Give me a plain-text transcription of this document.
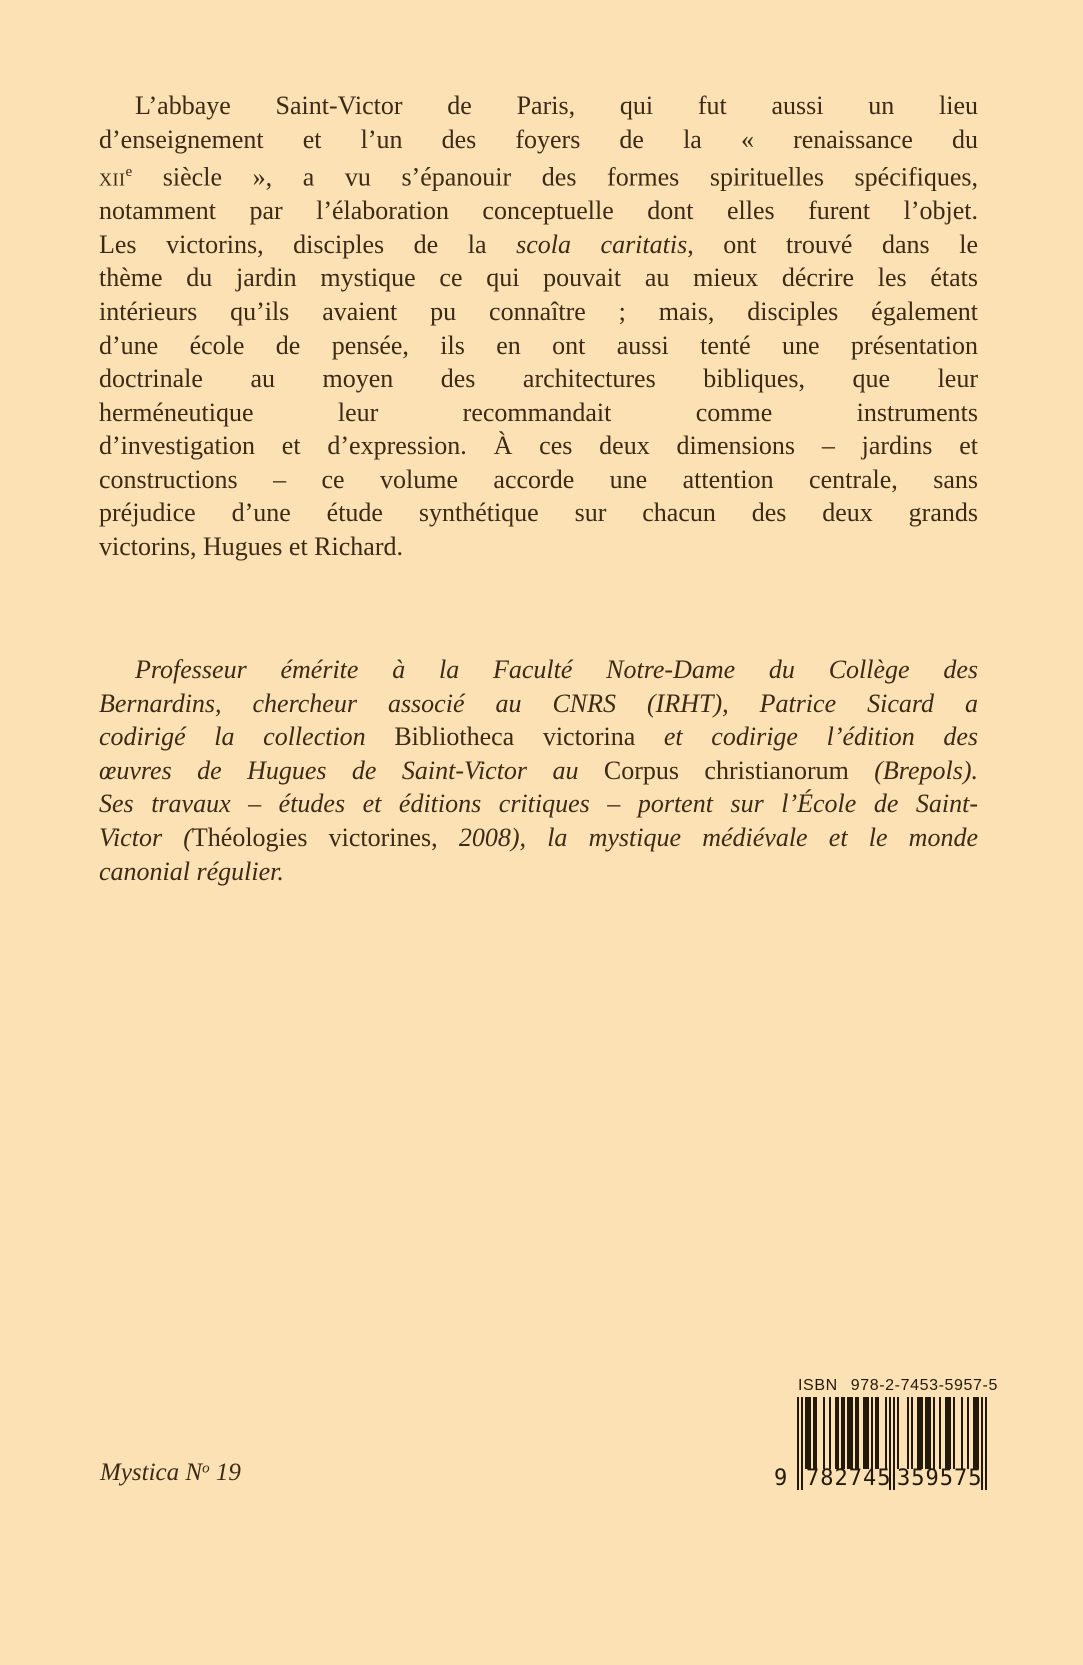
L’abbaye Saint-Victor de Paris, qui fut aussi un lieu
d’enseignement et l’un des foyers de la « renaissance du
xii$^e$ siècle », a vu s’épanouir des formes spirituelles spécifiques,
notamment par l’élaboration conceptuelle dont elles furent l’objet.
Les victorins, disciples de la scola caritatis, ont trouvé dans le
thème du jardin mystique ce qui pouvait au mieux décrire les états
intérieurs qu’ils avaient pu connaître ; mais, disciples également
d’une école de pensée, ils en ont aussi tenté une présentation
doctrinale au moyen des architectures bibliques, que leur
herméneutique leur recommandait comme instruments
d’investigation et d’expression. À ces deux dimensions – jardins et
constructions – ce volume accorde une attention centrale, sans
préjudice d’une étude synthétique sur chacun des deux grands
victorins, Hugues et Richard.
Professeur émérite à la Faculté Notre-Dame du Collège des
Bernardins, chercheur associé au CNRS (IRHT), Patrice Sicard a
codirigé la collection Bibliotheca victorina et codirige l’édition des
œuvres de Hugues de Saint-Victor au Corpus christianorum (Brepols).
Ses travaux – études et éditions critiques – portent sur l’École de Saint-
Victor (Théologies victorines, 2008), la mystique médiévale et le monde
canonial régulier.
Mystica $N^o$ 19
ISBN 978-2-7453-5957-5
9 782745 359575
